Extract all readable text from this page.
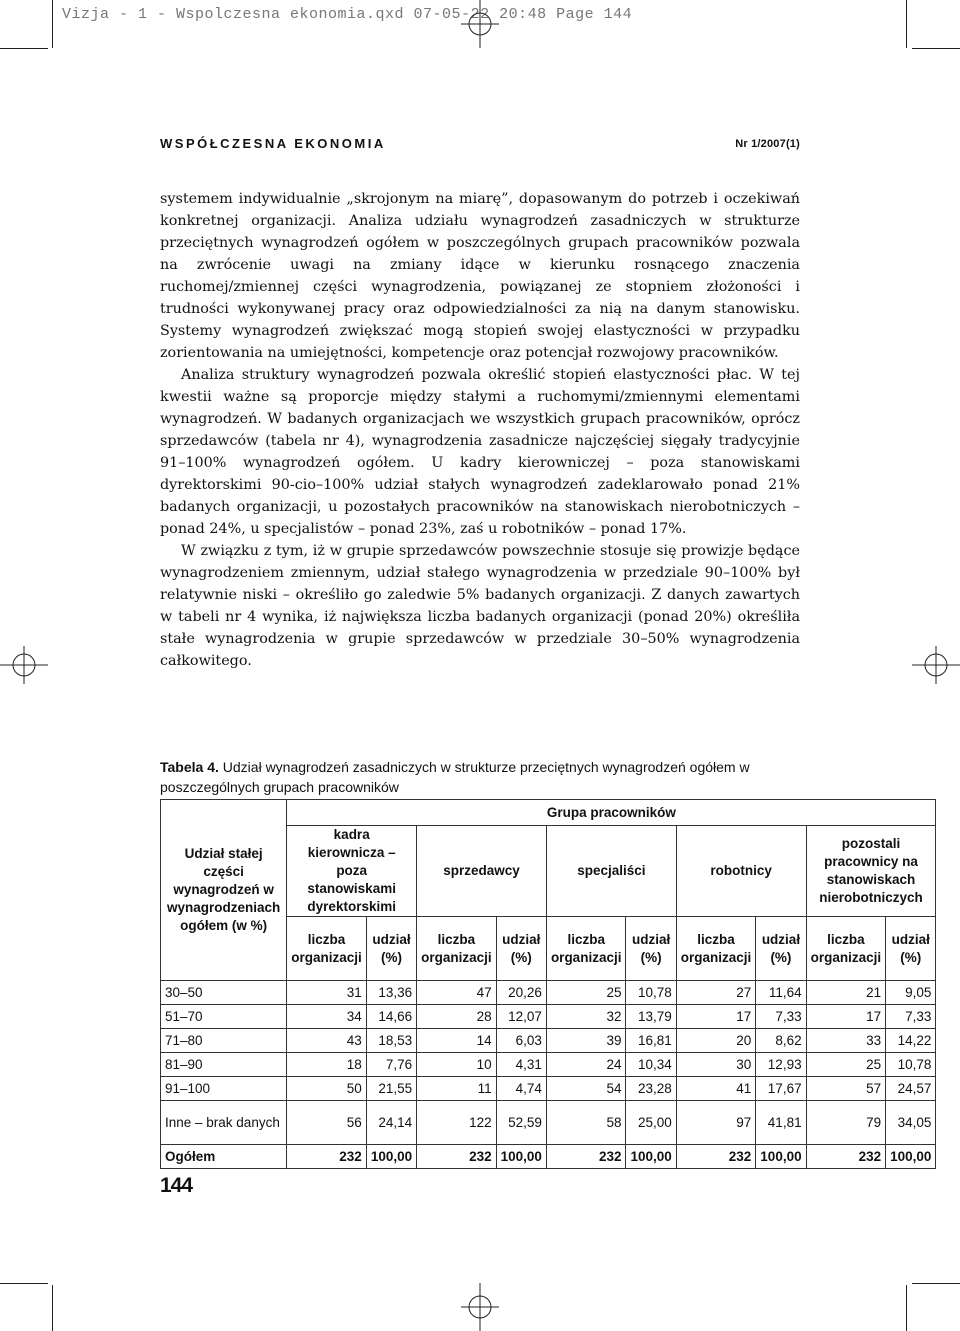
Vizja - 1 - Wspolczesna ekonomia.qxd 07-05-22 20:48 Page 144
WSPÓŁCZESNA EKONOMIA	Nr 1/2007(1)

systemem indywidualnie „skrojonym na miarę”, dopasowanym do potrzeb i oczekiwań konkretnej organizacji. Analiza udziału wynagrodzeń zasadniczych w strukturze przeciętnych wynagrodzeń ogółem w poszczególnych grupach pracowników pozwala na zwrócenie uwagi na zmiany idące w kierunku rosnącego znaczenia ruchomej/zmiennej części wynagrodzenia, powiązanej ze stopniem złożoności i trudności wykonywanej pracy oraz odpowiedzialności za nią na danym stanowisku. Systemy wynagrodzeń zwiększać mogą stopień swojej elastyczności w przypadku zorientowania na umiejętności, kompetencje oraz potencjał rozwojowy pracowników.

Analiza struktury wynagrodzeń pozwala określić stopień elastyczności płac. W tej kwestii ważne są proporcje między stałymi a ruchomymi/zmiennymi elementami wynagrodzeń. W badanych organizacjach we wszystkich grupach pracowników, oprócz sprzedawców (tabela nr 4), wynagrodzenia zasadnicze najczęściej sięgały tradycyjnie 91–100% wynagrodzeń ogółem. U kadry kierowniczej – poza stanowiskami dyrektorskimi 90-cio–100% udział stałych wynagrodzeń zadeklarowało ponad 21% badanych organizacji, u pozostałych pracowników na stanowiskach nierobotniczych – ponad 24%, u specjalistów – ponad 23%, zaś u robotników – ponad 17%.

W związku z tym, iż w grupie sprzedawców powszechnie stosuje się prowizje będące wynagrodzeniem zmiennym, udział stałego wynagrodzenia w przedziale 90–100% był relatywnie niski – określiło go zaledwie 5% badanych organizacji. Z danych zawartych w tabeli nr 4 wynika, iż największa liczba badanych organizacji (ponad 20%) określiła stałe wynagrodzenia w grupie sprzedawców w przedziale 30–50% wynagrodzenia całkowitego.

Tabela 4. Udział wynagrodzeń zasadniczych w strukturze przeciętnych wynagrodzeń ogółem w poszczególnych grupach pracowników
Udział stałej części wynagrodzeń w wynagrodzeniach ogółem (w %)	Grupa pracowników									
	kadra kierownicza – poza stanowiskami dyrektorskimi		sprzedawcy		specjaliści		robotnicy		pozostali pracownicy na stanowiskach nierobotniczych	
	liczba organizacji	udział (%)	liczba organizacji	udział (%)	liczba organizacji	udział (%)	liczba organizacji	udział (%)	liczba organizacji	udział (%)
30–50	31	13,36	47	20,26	25	10,78	27	11,64	21	9,05
51–70	34	14,66	28	12,07	32	13,79	17	7,33	17	7,33
71–80	43	18,53	14	6,03	39	16,81	20	8,62	33	14,22
81–90	18	7,76	10	4,31	24	10,34	30	12,93	25	10,78
91–100	50	21,55	11	4,74	54	23,28	41	17,67	57	24,57
Inne – brak danych	56	24,14	122	52,59	58	25,00	97	41,81	79	34,05
Ogółem	232	100,00	232	100,00	232	100,00	232	100,00	232	100,00
144
